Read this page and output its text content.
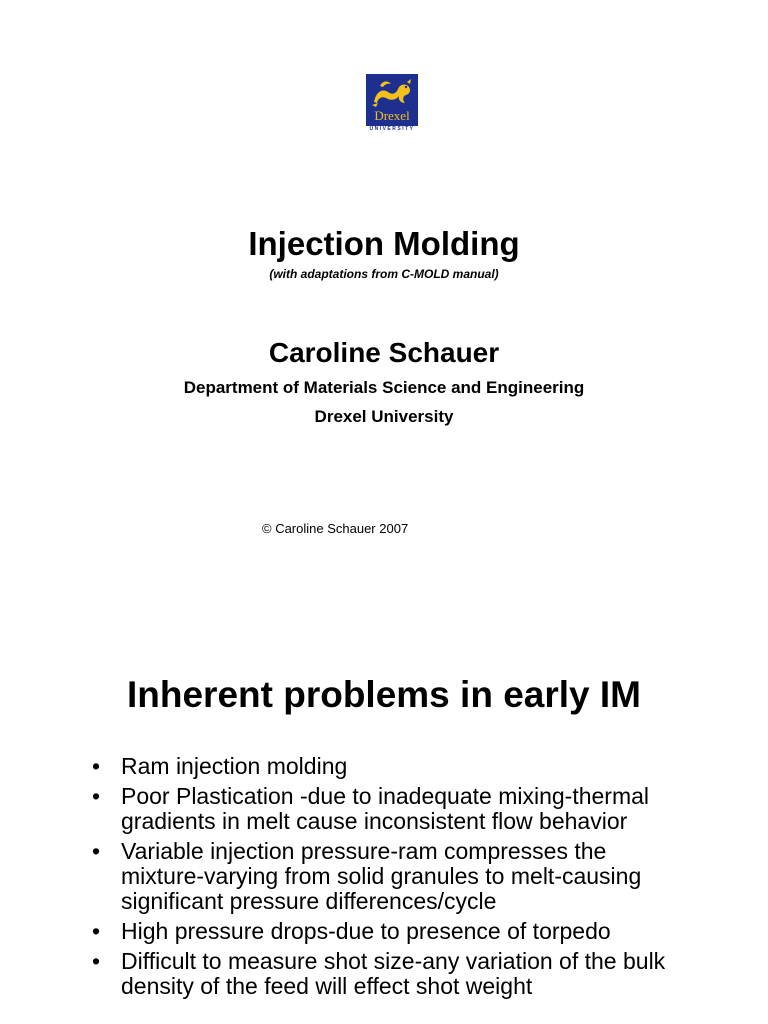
Drexel
UNIVERSITY
Injection Molding
(with adaptations from C-MOLD manual)
Caroline Schauer
Department of Materials Science and Engineering
Drexel University
© Caroline Schauer 2007
Inherent problems in early IM
• Ram injection molding
• Poor Plastication -due to inadequate mixing-thermal
gradients in melt cause inconsistent flow behavior
• Variable injection pressure-ram compresses the
mixture-varying from solid granules to melt-causing
significant pressure differences/cycle
• High pressure drops-due to presence of torpedo
• Difficult to measure shot size-any variation of the bulk
density of the feed will effect shot weight
